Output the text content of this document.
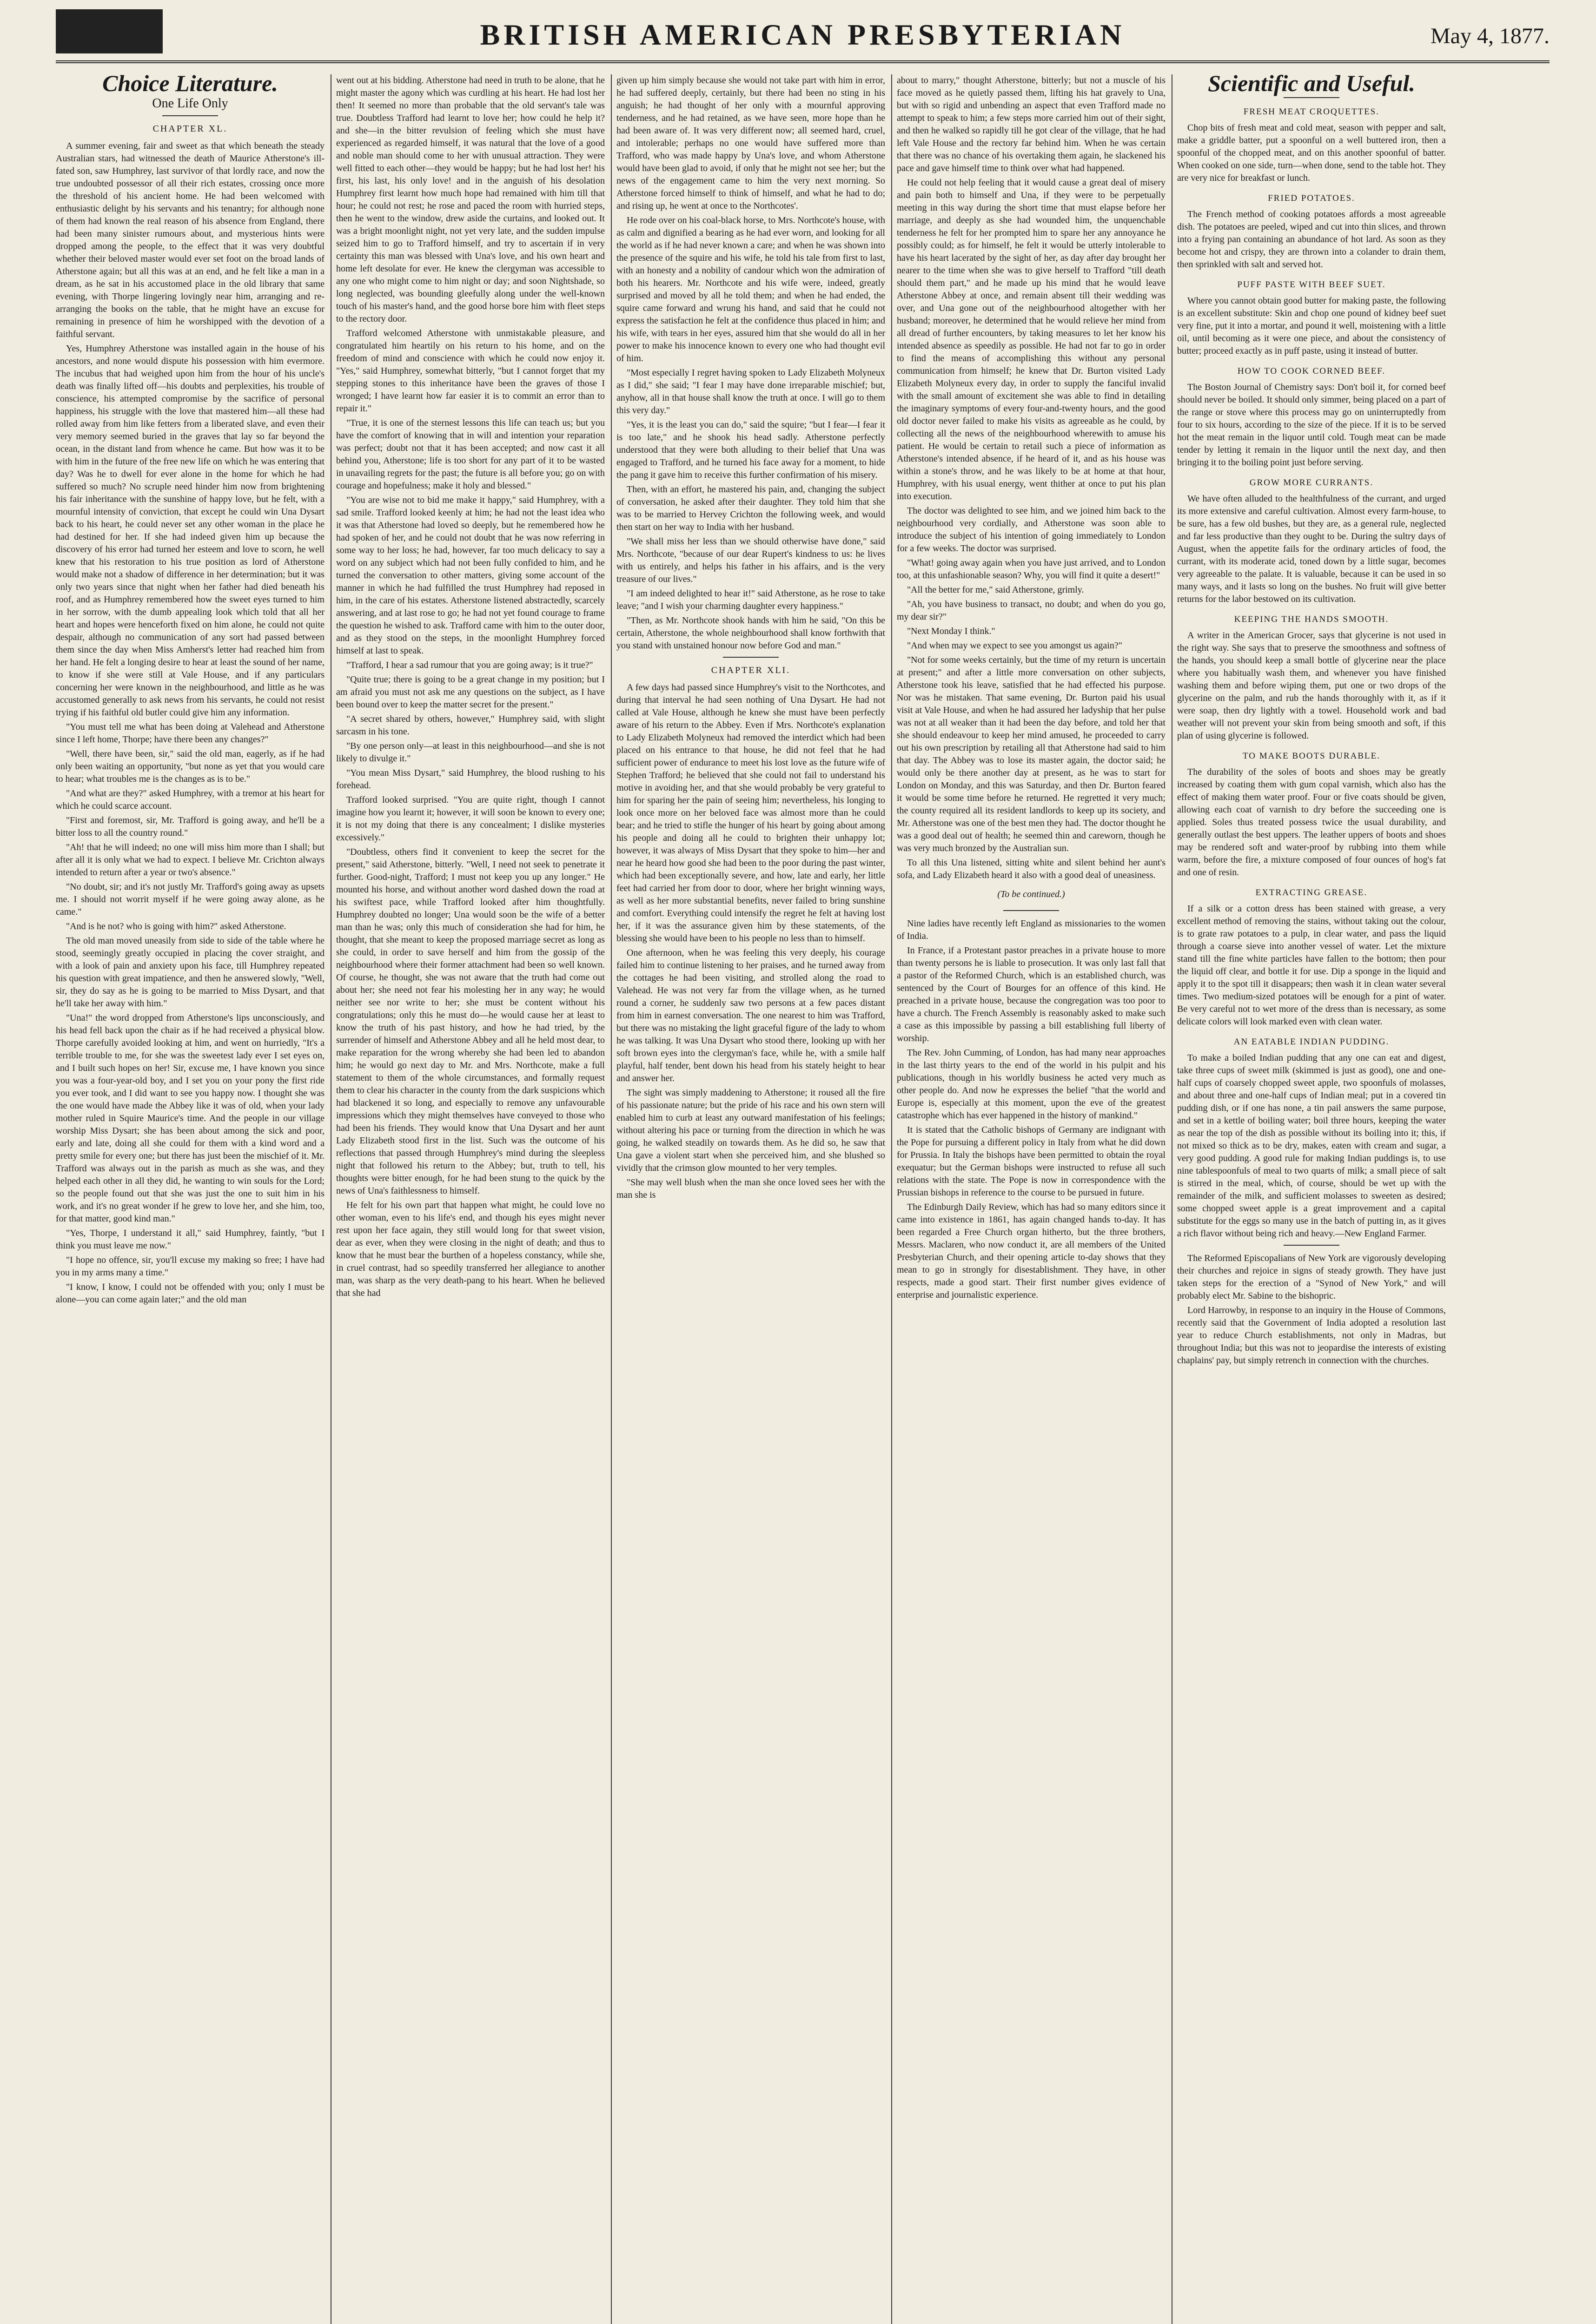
BRITISH AMERICAN PRESBYTERIAN	May 4, 1877.
Choice Literature.
One Life Only
CHAPTER XL.

A summer evening, fair and sweet as that which beneath the steady Australian stars, had witnessed the death of Maurice Atherstone's ill-fated son, saw Humphrey, last survivor of that lordly race, and now the true undoubted possessor of all their rich estates, crossing once more the threshold of his ancient home. He had been welcomed with enthusiastic delight by his servants and his tenantry; for although none of them had known the real reason of his absence from England, there had been many sinister rumours about, and mysterious hints were dropped among the people, to the effect that it was very doubtful whether their beloved master would ever set foot on the broad lands of Atherstone again; but all this was at an end, and he felt like a man in a dream, as he sat in his accustomed place in the old library that same evening, with Thorpe lingering lovingly near him, arranging and re-arranging the books on the table, that he might have an excuse for remaining in presence of him he worshipped with the devotion of a faithful servant.

Yes, Humphrey Atherstone was installed again in the house of his ancestors, and none would dispute his possession with him evermore. The incubus that had weighed upon him from the hour of his uncle's death was finally lifted off—his doubts and perplexities, his trouble of conscience, his attempted compromise by the sacrifice of personal happiness, his struggle with the love that mastered him—all these had rolled away from him like fetters from a liberated slave, and even their very memory seemed buried in the graves that lay so far beyond the ocean, in the distant land from whence he came. But how was it to be with him in the future of the free new life on which he was entering that day? Was he to dwell for ever alone in the home for which he had suffered so much? No scruple need hinder him now from brightening his fair inheritance with the sunshine of happy love, but he felt, with a mournful intensity of conviction, that except he could win Una Dysart back to his heart, he could never set any other woman in the place he had destined for her. If she had indeed given him up because the discovery of his error had turned her esteem and love to scorn, he well knew that his restoration to his true position as lord of Atherstone would make not a shadow of difference in her determination; but it was only two years since that night when her father had died beneath his roof, and as Humphrey remembered how the sweet eyes turned to him in her sorrow, with the dumb appealing look which told that all her heart and hopes were henceforth fixed on him alone, he could not quite despair, although no communication of any sort had passed between them since the day when Miss Amherst's letter had reached him from her hand. He felt a longing desire to hear at least the sound of her name, to know if she were still at Vale House, and if any particulars concerning her were known in the neighbourhood, and little as he was accustomed generally to ask news from his servants, he could not resist trying if his faithful old butler could give him any information.

"You must tell me what has been doing at Valehead and Atherstone since I left home, Thorpe; have there been any changes?"

"Well, there have been, sir," said the old man, eagerly, as if he had only been waiting an opportunity, "but none as yet that you would care to hear; what troubles me is the changes as is to be."

"And what are they?" asked Humphrey, with a tremor at his heart for which he could scarce account.

"First and foremost, sir, Mr. Trafford is going away, and he'll be a bitter loss to all the country round."

"Ah! that he will indeed; no one will miss him more than I shall; but after all it is only what we had to expect. I believe Mr. Crichton always intended to return after a year or two's absence."

"No doubt, sir; and it's not justly Mr. Trafford's going away as upsets me. I should not worrit myself if he were going away alone, as he came."

"And is he not? who is going with him?" asked Atherstone.

The old man moved uneasily from side to side of the table where he stood, seemingly greatly occupied in placing the cover straight, and with a look of pain and anxiety upon his face, till Humphrey repeated his question with great impatience, and then he answered slowly, "Well, sir, they do say as he is going to be married to Miss Dysart, and that he'll take her away with him."

"Una!" the word dropped from Atherstone's lips unconsciously, and his head fell back upon the chair as if he had received a physical blow. Thorpe carefully avoided looking at him, and went on hurriedly, "It's a terrible trouble to me, for she was the sweetest lady ever I set eyes on, and I built such hopes on her! Sir, excuse me, I have known you since you was a four-year-old boy, and I set you on your pony the first ride you ever took, and I did want to see you happy now. I thought she was the one would have made the Abbey like it was of old, when your lady mother ruled in Squire Maurice's time. And the people in our village worship Miss Dysart; she has been about among the sick and poor, early and late, doing all she could for them with a kind word and a pretty smile for every one; but there has just been the mischief of it. Mr. Trafford was always out in the parish as much as she was, and they helped each other in all they did, he wanting to win souls for the Lord; so the people found out that she was just the one to suit him in his work, and it's no great wonder if he grew to love her, and she him, too, for that matter, good kind man."

"Yes, Thorpe, I understand it all," said Humphrey, faintly, "but I think you must leave me now."

"I hope no offence, sir, you'll excuse my making so free; I have had you in my arms many a time."

"I know, I know, I could not be offended with you; only I must be alone—you can come again later;" and the old man

went out at his bidding. Atherstone had need in truth to be alone, that he might master the agony which was curdling at his heart. He had lost her then! It seemed no more than probable that the old servant's tale was true. Doubtless Trafford had learnt to love her; how could he help it? and she—in the bitter revulsion of feeling which she must have experienced as regarded himself, it was natural that the love of a good and noble man should come to her with unusual attraction. They were well fitted to each other—they would be happy; but he had lost her! his first, his last, his only love! and in the anguish of his desolation Humphrey first learnt how much hope had remained with him till that hour; he could not rest; he rose and paced the room with hurried steps, then he went to the window, drew aside the curtains, and looked out. It was a bright moonlight night, not yet very late, and the sudden impulse seized him to go to Trafford himself, and try to ascertain if in very certainty this man was blessed with Una's love, and his own heart and home left desolate for ever. He knew the clergyman was accessible to any one who might come to him night or day; and soon Nightshade, so long neglected, was bounding gleefully along under the well-known touch of his master's hand, and the good horse bore him with fleet steps to the rectory door.

Trafford welcomed Atherstone with unmistakable pleasure, and congratulated him heartily on his return to his home, and on the freedom of mind and conscience with which he could now enjoy it. "Yes," said Humphrey, somewhat bitterly, "but I cannot forget that my stepping stones to this inheritance have been the graves of those I wronged; I have learnt how far easier it is to commit an error than to repair it."

"True, it is one of the sternest lessons this life can teach us; but you have the comfort of knowing that in will and intention your reparation was perfect; doubt not that it has been accepted; and now cast it all behind you, Atherstone; life is too short for any part of it to be wasted in unavailing regrets for the past; the future is all before you; go on with courage and hopefulness; make it holy and blessed."

"You are wise not to bid me make it happy," said Humphrey, with a sad smile. Trafford looked keenly at him; he had not the least idea who it was that Atherstone had loved so deeply, but he remembered how he had spoken of her, and he could not doubt that he was now referring in some way to her loss; he had, however, far too much delicacy to say a word on any subject which had not been fully confided to him, and he turned the conversation to other matters, giving some account of the manner in which he had fulfilled the trust Humphrey had reposed in him, in the care of his estates. Atherstone listened abstractedly, scarcely answering, and at last rose to go; he had not yet found courage to frame the question he wished to ask. Trafford came with him to the outer door, and as they stood on the steps, in the moonlight Humphrey forced himself at last to speak.

"Trafford, I hear a sad rumour that you are going away; is it true?"

"Quite true; there is going to be a great change in my position; but I am afraid you must not ask me any questions on the subject, as I have been bound over to keep the matter secret for the present."

"A secret shared by others, however," Humphrey said, with slight sarcasm in his tone.

"By one person only—at least in this neighbourhood—and she is not likely to divulge it."

"You mean Miss Dysart," said Humphrey, the blood rushing to his forehead.

Trafford looked surprised. "You are quite right, though I cannot imagine how you learnt it; however, it will soon be known to every one; it is not my doing that there is any concealment; I dislike mysteries excessively."

"Doubtless, others find it convenient to keep the secret for the present," said Atherstone, bitterly. "Well, I need not seek to penetrate it further. Good-night, Trafford; I must not keep you up any longer." He mounted his horse, and without another word dashed down the road at his swiftest pace, while Trafford looked after him thoughtfully. Humphrey doubted no longer; Una would soon be the wife of a better man than he was; only this much of consideration she had for him, he thought, that she meant to keep the proposed marriage secret as long as she could, in order to save herself and him from the gossip of the neighbourhood where their former attachment had been so well known. Of course, he thought, she was not aware that the truth had come out about her; she need not fear his molesting her in any way; he would neither see nor write to her; she must be content without his congratulations; only this he must do—he would cause her at least to know the truth of his past history, and how he had tried, by the surrender of himself and Atherstone Abbey and all he held most dear, to make reparation for the wrong whereby she had been led to abandon him; he would go next day to Mr. and Mrs. Northcote, make a full statement to them of the whole circumstances, and formally request them to clear his character in the county from the dark suspicions which had blackened it so long, and especially to remove any unfavourable impressions which they might themselves have conveyed to those who had been his friends. They would know that Una Dysart and her aunt Lady Elizabeth stood first in the list. Such was the outcome of his reflections that passed through Humphrey's mind during the sleepless night that followed his return to the Abbey; but, truth to tell, his thoughts were bitter enough, for he had been stung to the quick by the news of Una's faithlessness to himself.

He felt for his own part that happen what might, he could love no other woman, even to his life's end, and though his eyes might never rest upon her face again, they still would long for that sweet vision, dear as ever, when they were closing in the night of death; and thus to know that he must bear the burthen of a hopeless constancy, while she, in cruel contrast, had so speedily transferred her allegiance to another man, was sharp as the very death-pang to his heart. When he believed that she had

given up him simply because she would not take part with him in error, he had suffered deeply, certainly, but there had been no sting in his anguish; he had thought of her only with a mournful approving tenderness, and he had retained, as we have seen, more hope than he had been aware of. It was very different now; all seemed hard, cruel, and intolerable; perhaps no one would have suffered more than Trafford, who was made happy by Una's love, and whom Atherstone would have been glad to avoid, if only that he might not see her; but the news of the engagement came to him the very next morning. So Atherstone forced himself to think of himself, and what he had to do; and rising up, he went at once to the Northcotes'.

He rode over on his coal-black horse, to Mrs. Northcote's house, with as calm and dignified a bearing as he had ever worn, and looking for all the world as if he had never known a care; and when he was shown into the presence of the squire and his wife, he told his tale from first to last, with an honesty and a nobility of candour which won the admiration of both his hearers. Mr. Northcote and his wife were, indeed, greatly surprised and moved by all he told them; and when he had ended, the squire came forward and wrung his hand, and said that he could not express the satisfaction he felt at the confidence thus placed in him; and his wife, with tears in her eyes, assured him that she would do all in her power to make his innocence known to every one who had thought evil of him.

"Most especially I regret having spoken to Lady Elizabeth Molyneux as I did," she said; "I fear I may have done irreparable mischief; but, anyhow, all in that house shall know the truth at once. I will go to them this very day."

"Yes, it is the least you can do," said the squire; "but I fear—I fear it is too late," and he shook his head sadly. Atherstone perfectly understood that they were both alluding to their belief that Una was engaged to Trafford, and he turned his face away for a moment, to hide the pang it gave him to receive this further confirmation of his misery.

Then, with an effort, he mastered his pain, and, changing the subject of conversation, he asked after their daughter. They told him that she was to be married to Hervey Crichton the following week, and would then start on her way to India with her husband.

"We shall miss her less than we should otherwise have done," said Mrs. Northcote, "because of our dear Rupert's kindness to us: he lives with us entirely, and helps his father in his affairs, and is the very treasure of our lives."

"I am indeed delighted to hear it!" said Atherstone, as he rose to take leave; "and I wish your charming daughter every happiness."

"Then, as Mr. Northcote shook hands with him he said, "On this be certain, Atherstone, the whole neighbourhood shall know forthwith that you stand with unstained honour now before God and man."

CHAPTER XLI.

A few days had passed since Humphrey's visit to the Northcotes, and during that interval he had seen nothing of Una Dysart. He had not called at Vale House, although he knew she must have been perfectly aware of his return to the Abbey. Even if Mrs. Northcote's explanation to Lady Elizabeth Molyneux had removed the interdict which had been placed on his entrance to that house, he did not feel that he had sufficient power of endurance to meet his lost love as the future wife of Stephen Trafford; he believed that she could not fail to understand his motive in avoiding her, and that she would probably be very grateful to him for sparing her the pain of seeing him; nevertheless, his longing to look once more on her beloved face was almost more than he could bear; and he tried to stifle the hunger of his heart by going about among his people and doing all he could to brighten their unhappy lot; however, it was always of Miss Dysart that they spoke to him—her and near he heard how good she had been to the poor during the past winter, which had been exceptionally severe, and how, late and early, her little feet had carried her from door to door, where her bright winning ways, as well as her more substantial benefits, never failed to bring sunshine and comfort. Everything could intensify the regret he felt at having lost her, if it was the assurance given him by these statements, of the blessing she would have been to his people no less than to himself.

One afternoon, when he was feeling this very deeply, his courage failed him to continue listening to her praises, and he turned away from the cottages he had been visiting, and strolled along the road to Valehead. He was not very far from the village when, as he turned round a corner, he suddenly saw two persons at a few paces distant from him in earnest conversation. The one nearest to him was Trafford, but there was no mistaking the light graceful figure of the lady to whom he was talking. It was Una Dysart who stood there, looking up with her soft brown eyes into the clergyman's face, while he, with a smile half playful, half tender, bent down his head from his stately height to hear and answer her.

The sight was simply maddening to Atherstone; it roused all the fire of his passionate nature; but the pride of his race and his own stern will enabled him to curb at least any outward manifestation of his feelings; without altering his pace or turning from the direction in which he was going, he walked steadily on towards them. As he did so, he saw that Una gave a violent start when she perceived him, and she blushed so vividly that the crimson glow mounted to her very temples.

"She may well blush when the man she once loved sees her with the man she is

about to marry," thought Atherstone, bitterly; but not a muscle of his face moved as he quietly passed them, lifting his hat gravely to Una, but with so rigid and unbending an aspect that even Trafford made no attempt to speak to him; a few steps more carried him out of their sight, and then he walked so rapidly till he got clear of the village, that he had left Vale House and the rectory far behind him. When he was certain that there was no chance of his overtaking them again, he slackened his pace and gave himself time to think over what had happened.

He could not help feeling that it would cause a great deal of misery and pain both to himself and Una, if they were to be perpetually meeting in this way during the short time that must elapse before her marriage, and deeply as she had wounded him, the unquenchable tenderness he felt for her prompted him to spare her any annoyance he possibly could; as for himself, he felt it would be utterly intolerable to have his heart lacerated by the sight of her, as day after day brought her nearer to the time when she was to give herself to Trafford "till death should them part," and he made up his mind that he would leave Atherstone Abbey at once, and remain absent till their wedding was over, and Una gone out of the neighbourhood altogether with her husband; moreover, he determined that he would relieve her mind from all dread of further encounters, by taking measures to let her know his intended absence as speedily as possible. He had not far to go in order to find the means of accomplishing this without any personal communication from himself; he knew that Dr. Burton visited Lady Elizabeth Molyneux every day, in order to supply the fanciful invalid with the small amount of excitement she was able to find in detailing the imaginary symptoms of every four-and-twenty hours, and the good old doctor never failed to make his visits as agreeable as he could, by collecting all the news of the neighbourhood wherewith to amuse his patient. He would be certain to retail such a piece of information as Atherstone's intended absence, if he heard of it, and as his house was within a stone's throw, and he was likely to be at home at that hour, Humphrey, with his usual energy, went thither at once to put his plan into execution.

The doctor was delighted to see him, and we joined him back to the neighbourhood very cordially, and Atherstone was soon able to introduce the subject of his intention of going immediately to London for a few weeks. The doctor was surprised.

"What! going away again when you have just arrived, and to London too, at this unfashionable season? Why, you will find it quite a desert!"

"All the better for me," said Atherstone, grimly.

"Ah, you have business to transact, no doubt; and when do you go, my dear sir?"

"Next Monday I think."

"And when may we expect to see you amongst us again?"

"Not for some weeks certainly, but the time of my return is uncertain at present;" and after a little more conversation on other subjects, Atherstone took his leave, satisfied that he had effected his purpose. Nor was he mistaken. That same evening, Dr. Burton paid his usual visit at Vale House, and when he had assured her ladyship that her pulse was not at all weaker than it had been the day before, and told her that she should endeavour to keep her mind amused, he proceeded to carry out his own prescription by retailing all that Atherstone had said to him that day. The Abbey was to lose its master again, the doctor said; he would only be there another day at present, as he was to start for London on Monday, and this was Saturday, and then Dr. Burton feared it would be some time before he returned. He regretted it very much; the county required all its resident landlords to keep up its society, and Mr. Atherstone was one of the best men they had. The doctor thought he was a good deal out of health; he seemed thin and careworn, though he was very much bronzed by the Australian sun.

To all this Una listened, sitting white and silent behind her aunt's sofa, and Lady Elizabeth heard it also with a good deal of uneasiness.

(To be continued.)

Nine ladies have recently left England as missionaries to the women of India.

In France, if a Protestant pastor preaches in a private house to more than twenty persons he is liable to prosecution. It was only last fall that a pastor of the Reformed Church, which is an established church, was sentenced by the Court of Bourges for an offence of this kind. He preached in a private house, because the congregation was too poor to have a church. The French Assembly is reasonably asked to make such a case as this impossible by passing a bill establishing full liberty of worship.

The Rev. John Cumming, of London, has had many near approaches in the last thirty years to the end of the world in his pulpit and his publications, though in his worldly business he acted very much as other people do. And now he expresses the belief "that the world and Europe is, especially at this moment, upon the eve of the greatest catastrophe which has ever happened in the history of mankind."

It is stated that the Catholic bishops of Germany are indignant with the Pope for pursuing a different policy in Italy from what he did down for Prussia. In Italy the bishops have been permitted to obtain the royal exequatur; but the German bishops were instructed to refuse all such relations with the state. The Pope is now in correspondence with the Prussian bishops in reference to the course to be pursued in future.

The Edinburgh Daily Review, which has had so many editors since it came into existence in 1861, has again changed hands to-day. It has been regarded a Free Church organ hitherto, but the three brothers, Messrs. Maclaren, who now conduct it, are all members of the United Presbyterian Church, and their opening article to-day shows that they mean to go in strongly for disestablishment. They have, in other respects, made a good start. Their first number gives evidence of enterprise and journalistic experience.

Scientific and Useful.
FRESH MEAT CROQUETTES.

Chop bits of fresh meat and cold meat, season with pepper and salt, make a griddle batter, put a spoonful on a well buttered iron, then a spoonful of the chopped meat, and on this another spoonful of batter. When cooked on one side, turn—when done, send to the table hot. They are very nice for breakfast or lunch.

FRIED POTATOES.

The French method of cooking potatoes affords a most agreeable dish. The potatoes are peeled, wiped and cut into thin slices, and thrown into a frying pan containing an abundance of hot lard. As soon as they become hot and crispy, they are thrown into a colander to drain them, then sprinkled with salt and served hot.

PUFF PASTE WITH BEEF SUET.

Where you cannot obtain good butter for making paste, the following is an excellent substitute: Skin and chop one pound of kidney beef suet very fine, put it into a mortar, and pound it well, moistening with a little oil, until becoming as it were one piece, and about the consistency of butter; proceed exactly as in puff paste, using it instead of butter.

HOW TO COOK CORNED BEEF.

The Boston Journal of Chemistry says: Don't boil it, for corned beef should never be boiled. It should only simmer, being placed on a part of the range or stove where this process may go on uninterruptedly from four to six hours, according to the size of the piece. If it is to be served hot the meat remain in the liquor until cold. Tough meat can be made tender by letting it remain in the liquor until the next day, and then bringing it to the boiling point just before serving.

GROW MORE CURRANTS.

We have often alluded to the healthfulness of the currant, and urged its more extensive and careful cultivation. Almost every farm-house, to be sure, has a few old bushes, but they are, as a general rule, neglected and far less productive than they ought to be. During the sultry days of August, when the appetite fails for the ordinary articles of food, the currant, with its moderate acid, toned down by a little sugar, becomes very agreeable to the palate. It is valuable, because it can be used in so many ways, and it lasts so long on the bushes. No fruit will give better returns for the labor bestowed on its cultivation.

KEEPING THE HANDS SMOOTH.

A writer in the American Grocer, says that glycerine is not used in the right way. She says that to preserve the smoothness and softness of the hands, you should keep a small bottle of glycerine near the place where you habitually wash them, and whenever you have finished washing them and before wiping them, put one or two drops of the glycerine on the palm, and rub the hands thoroughly with it, as if it were soap, then dry lightly with a towel. Household work and bad weather will not prevent your skin from being smooth and soft, if this plan of using glycerine is followed.

TO MAKE BOOTS DURABLE.

The durability of the soles of boots and shoes may be greatly increased by coating them with gum copal varnish, which also has the effect of making them water proof. Four or five coats should be given, allowing each coat of varnish to dry before the succeeding one is applied. Soles thus treated possess twice the usual durability, and generally outlast the best uppers. The leather uppers of boots and shoes may be rendered soft and water-proof by rubbing into them while warm, before the fire, a mixture composed of four ounces of hog's fat and one of resin.

EXTRACTING GREASE.

If a silk or a cotton dress has been stained with grease, a very excellent method of removing the stains, without taking out the colour, is to grate raw potatoes to a pulp, in clear water, and pass the liquid through a coarse sieve into another vessel of water. Let the mixture stand till the fine white particles have fallen to the bottom; then pour the liquid off clear, and bottle it for use. Dip a sponge in the liquid and apply it to the spot till it disappears; then wash it in clean water several times. Two medium-sized potatoes will be enough for a pint of water. Be very careful not to wet more of the dress than is necessary, as some delicate colors will look marked even with clean water.

AN EATABLE INDIAN PUDDING.

To make a boiled Indian pudding that any one can eat and digest, take three cups of sweet milk (skimmed is just as good), one and one-half cups of coarsely chopped sweet apple, two spoonfuls of molasses, and about three and one-half cups of Indian meal; put in a covered tin pudding dish, or if one has none, a tin pail answers the same purpose, and set in a kettle of boiling water; boil three hours, keeping the water as near the top of the dish as possible without its boiling into it; this, if not mixed so thick as to be dry, makes, eaten with cream and sugar, a very good pudding. A good rule for making Indian puddings is, to use nine tablespoonfuls of meal to two quarts of milk; a small piece of salt is stirred in the meal, which, of course, should be wet up with the remainder of the milk, and sufficient molasses to sweeten as desired; some chopped sweet apple is a great improvement and a capital substitute for the eggs so many use in the batch of putting in, as it gives a rich flavor without being rich and heavy.—New England Farmer.

The Reformed Episcopalians of New York are vigorously developing their churches and rejoice in signs of steady growth. They have just taken steps for the erection of a "Synod of New York," and will probably elect Mr. Sabine to the bishopric.

Lord Harrowby, in response to an inquiry in the House of Commons, recently said that the Government of India adopted a resolution last year to reduce Church establishments, not only in Madras, but throughout India; but this was not to jeopardise the interests of existing chaplains' pay, but simply retrench in connection with the churches.
